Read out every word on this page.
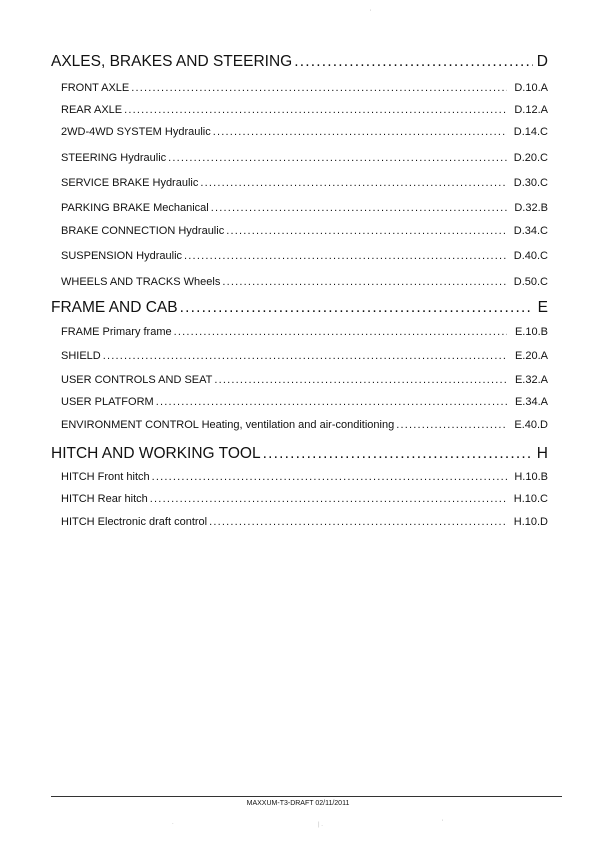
AXLES, BRAKES AND STEERING .....	D
FRONT AXLE .....	D.10.A
REAR AXLE .....	D.12.A
2WD-4WD SYSTEM Hydraulic .....	D.14.C
STEERING Hydraulic .....	D.20.C
SERVICE BRAKE Hydraulic .....	D.30.C
PARKING BRAKE Mechanical .....	D.32.B
BRAKE CONNECTION Hydraulic .....	D.34.C
SUSPENSION Hydraulic .....	D.40.C
WHEELS AND TRACKS Wheels .....	D.50.C
FRAME AND CAB .....	E
FRAME Primary frame .....	E.10.B
SHIELD .....	E.20.A
USER CONTROLS AND SEAT .....	E.32.A
USER PLATFORM .....	E.34.A
ENVIRONMENT CONTROL Heating, ventilation and air-conditioning .....	E.40.D
HITCH AND WORKING TOOL .....	H
HITCH Front hitch .....	H.10.B
HITCH Rear hitch .....	H.10.C
HITCH Electronic draft control .....	H.10.D
MAXXUM-T3-DRAFT 02/11/2011
'
.	| .	'
